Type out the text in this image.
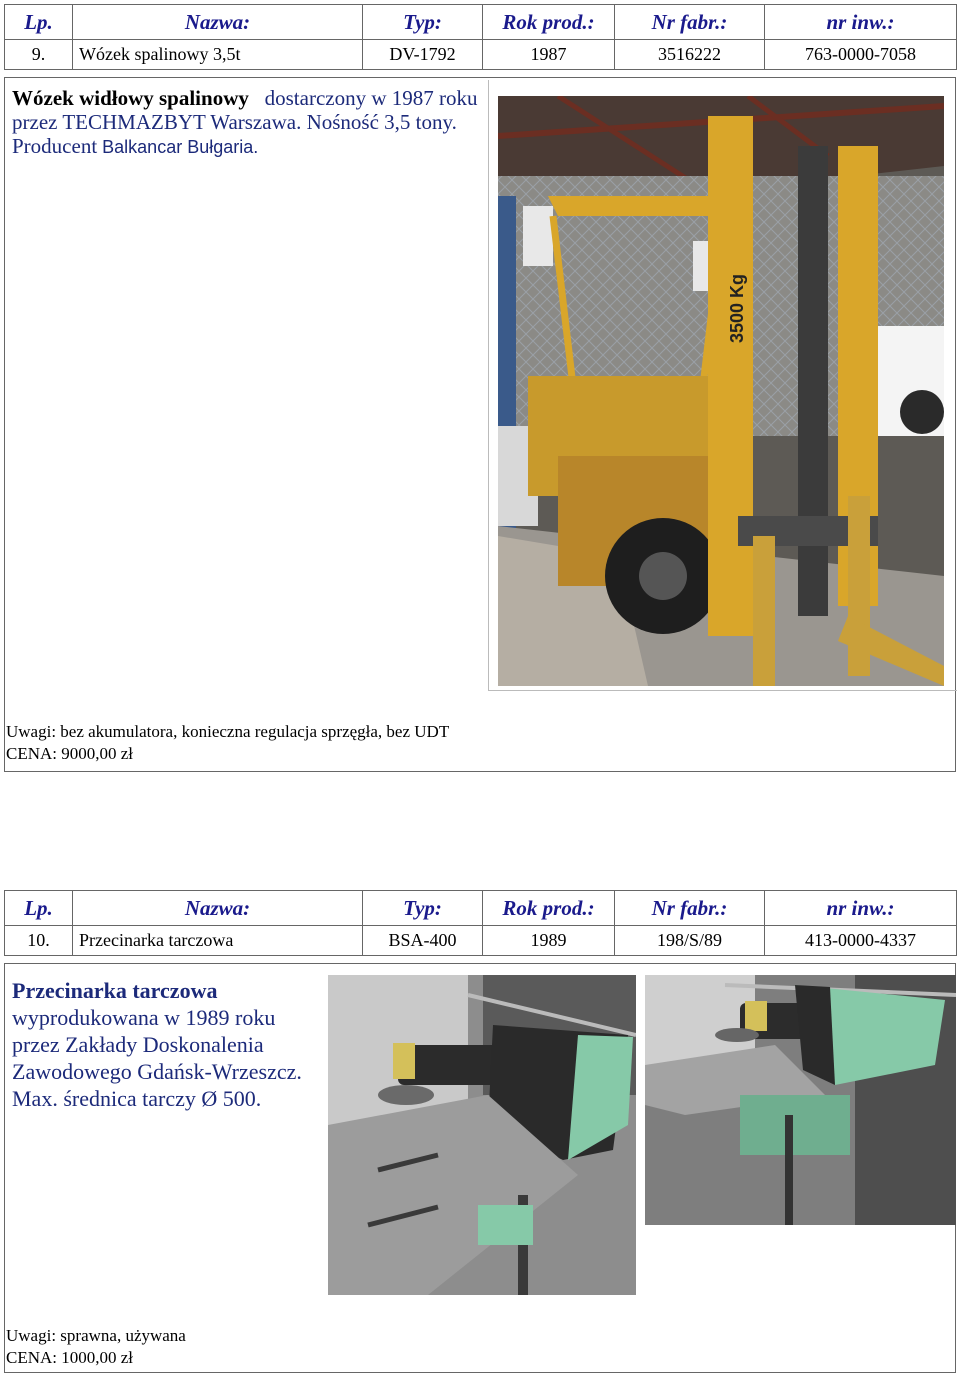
Lp.	Nazwa:	Typ:	Rok prod.:	Nr fabr.:	nr inw.:
9.	Wózek spalinowy 3,5t	DV-1792	1987	3516222	763-0000-7058
Wózek widłowy spalinowy   dostarczony w 1987 roku przez TECHMAZBYT Warszawa. Nośność 3,5 tony. Producent Balkancar Bułgaria.
3500 Kg
Uwagi: bez akumulatora, konieczna regulacja sprzęgła, bez UDT
CENA: 9000,00 zł
Lp.	Nazwa:	Typ:	Rok prod.:	Nr fabr.:	nr inw.:
10.	Przecinarka tarczowa	BSA-400	1989	198/S/89	413-0000-4337
Przecinarka tarczowa
wyprodukowana w 1989 roku przez Zakłady Doskonalenia Zawodowego Gdańsk-Wrzeszcz. Max. średnica tarczy Ø 500.
Uwagi: sprawna, używana
CENA: 1000,00 zł
